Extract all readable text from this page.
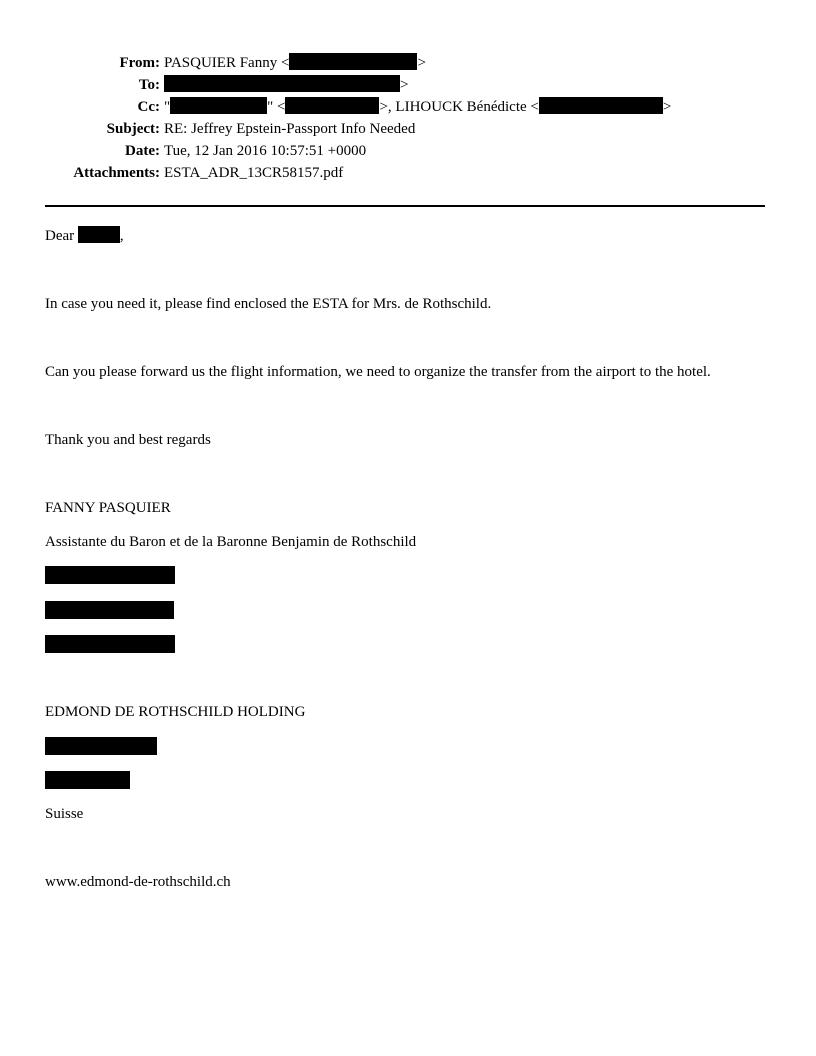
From: PASQUIER Fanny <	>
To:	>
Cc: "	" <	>, LIHOUCK Bénédicte <	>
Subject: RE: Jeffrey Epstein-Passport Info Needed
Date: Tue, 12 Jan 2016 10:57:51 +0000
Attachments: ESTA_ADR_13CR58157.pdf
Dear	,
In case you need it, please find enclosed the ESTA for Mrs. de Rothschild.
Can you please forward us the flight information, we need to organize the transfer from the airport to the hotel.
Thank you and best regards
FANNY PASQUIER
Assistante du Baron et de la Baronne Benjamin de Rothschild
EDMOND DE ROTHSCHILD HOLDING
Suisse
www.edmond-de-rothschild.ch
